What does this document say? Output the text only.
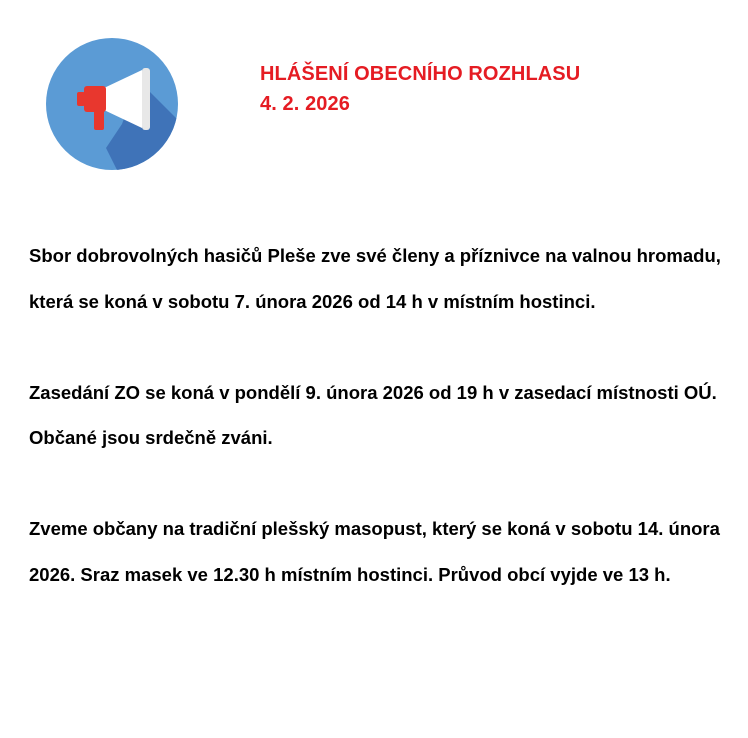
HLÁŠENÍ OBECNÍHO ROZHLASU
4. 2. 2026

Sbor dobrovolných hasičů Pleše zve své členy a příznivce na valnou hromadu, která se koná v sobotu 7. února 2026 od 14 h v místním hostinci.

Zasedání ZO se koná v pondělí 9. února 2026 od 19 h v zasedací místnosti OÚ. Občané jsou srdečně zváni.

Zveme občany na tradiční plešský masopust, který se koná v sobotu 14. února 2026. Sraz masek ve 12.30 h místním hostinci. Průvod obcí vyjde ve 13 h.
